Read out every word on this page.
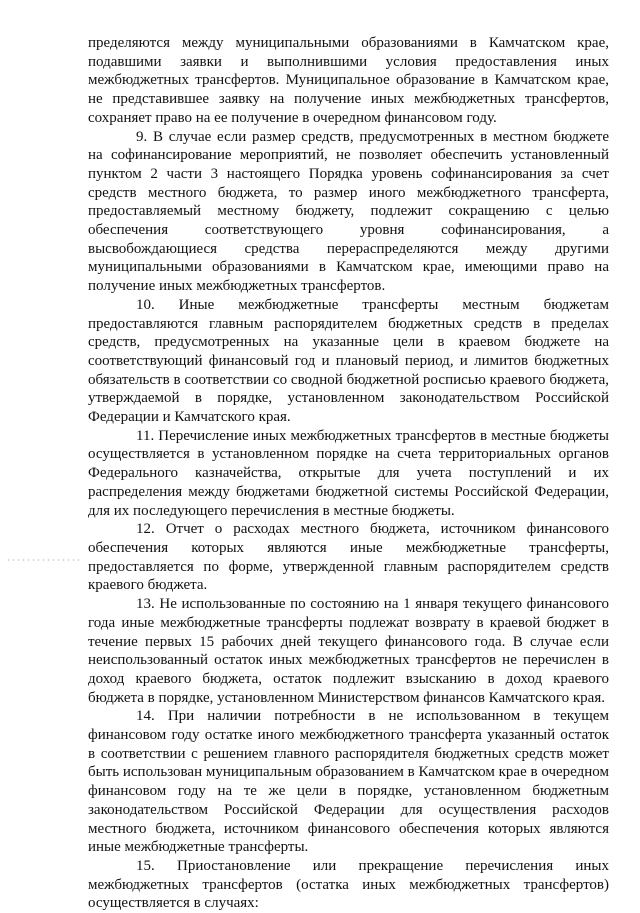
пределяются между муниципальными образованиями в Камчатском крае, подавшими заявки и выполнившими условия предоставления иных межбюджетных трансфертов. Муниципальное образование в Камчатском крае, не представившее заявку на получение иных межбюджетных трансфертов, сохраняет право на ее получение в очередном финансовом году.

9. В случае если размер средств, предусмотренных в местном бюджете на софинансирование мероприятий, не позволяет обеспечить установленный пунктом 2 части 3 настоящего Порядка уровень софинансирования за счет средств местного бюджета, то размер иного межбюджетного трансферта, предоставляемый местному бюджету, подлежит сокращению с целью обеспечения соответствующего уровня софинансирования, а высвобождающиеся средства перераспределяются между другими муниципальными образованиями в Камчатском крае, имеющими право на получение иных межбюджетных трансфертов.

10. Иные межбюджетные трансферты местным бюджетам предоставляются главным распорядителем бюджетных средств в пределах средств, предусмотренных на указанные цели в краевом бюджете на соответствующий финансовый год и плановый период, и лимитов бюджетных обязательств в соответствии со сводной бюджетной росписью краевого бюджета, утверждаемой в порядке, установленном законодательством Российской Федерации и Камчатского края.

11. Перечисление иных межбюджетных трансфертов в местные бюджеты осуществляется в установленном порядке на счета территориальных органов Федерального казначейства, открытые для учета поступлений и их распределения между бюджетами бюджетной системы Российской Федерации, для их последующего перечисления в местные бюджеты.

12. Отчет о расходах местного бюджета, источником финансового обеспечения которых являются иные межбюджетные трансферты, предоставляется по форме, утвержденной главным распорядителем средств краевого бюджета.

13. Не использованные по состоянию на 1 января текущего финансового года иные межбюджетные трансферты подлежат возврату в краевой бюджет в течение первых 15 рабочих дней текущего финансового года. В случае если неиспользованный остаток иных межбюджетных трансфертов не перечислен в доход краевого бюджета, остаток подлежит взысканию в доход краевого бюджета в порядке, установленном Министерством финансов Камчатского края.

14. При наличии потребности в не использованном в текущем финансовом году остатке иного межбюджетного трансферта указанный остаток в соответствии с решением главного распорядителя бюджетных средств может быть использован муниципальным образованием в Камчатском крае в очередном финансовом году на те же цели в порядке, установленном бюджетным законодательством Российской Федерации для осуществления расходов местного бюджета, источником финансового обеспечения которых являются иные межбюджетные трансферты.

15. Приостановление или прекращение перечисления иных межбюджетных трансфертов (остатка иных межбюджетных трансфертов) осуществляется в случаях:
